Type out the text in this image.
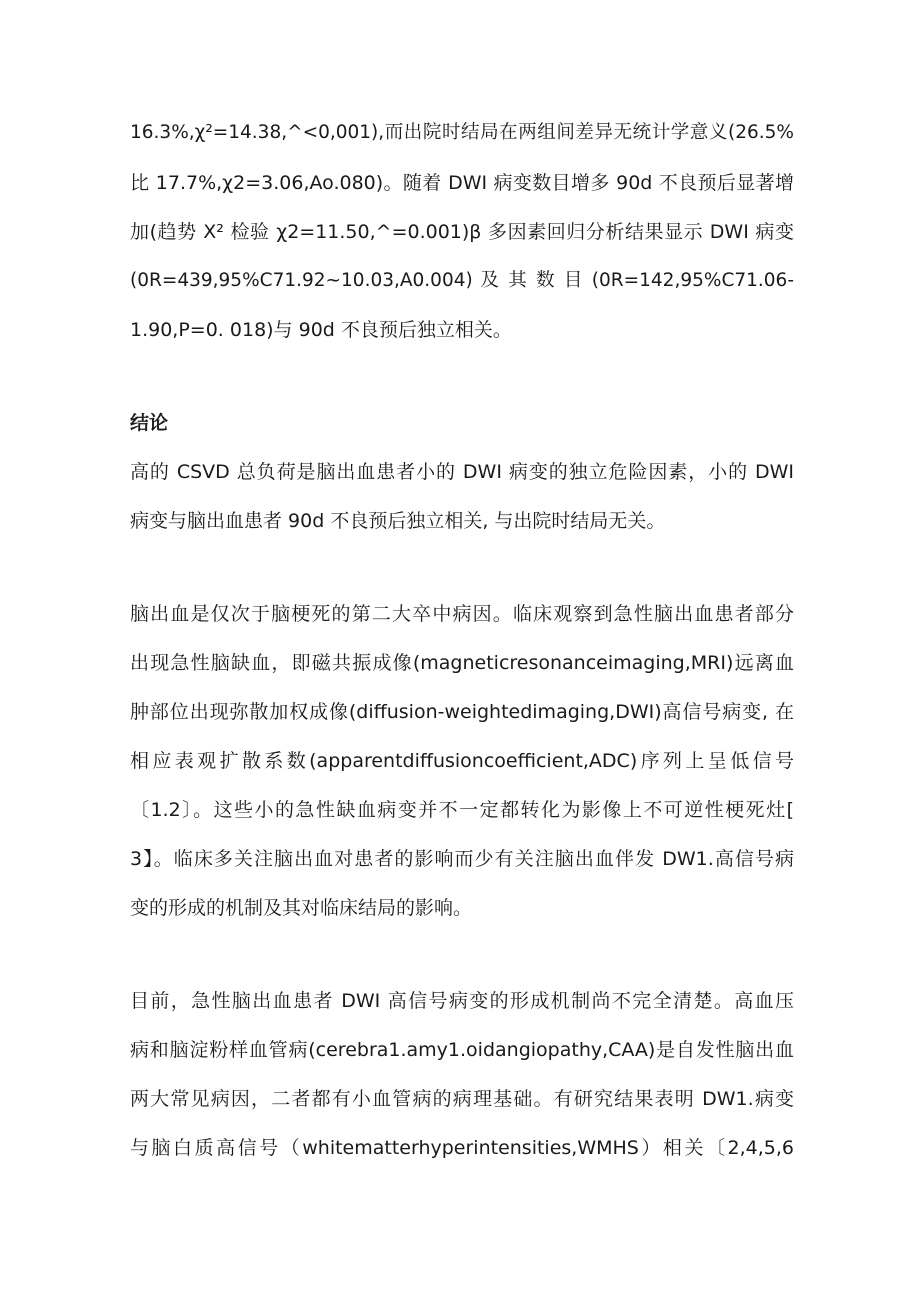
16.3%,χ²=14.38,^<0,001),而出院时结局在两组间差异无统计学意义(26.5%
比 17.7%,χ2=3.06,Ao.080)。随着 DWI 病变数目增多 90d 不良预后显著增
加(趋势 X² 检验 χ2=11.50,^=0.001)β 多因素回归分析结果显示 DWI 病变
(0R=439,95%C71.92~10.03,A0.004) 及 其 数 目 (0R=142,95%C71.06-
1.90,P=0. 018)与 90d 不良预后独立相关。
结论
高的 CSVD 总负荷是脑出血患者小的 DWI 病变的独立危险因素，小的 DWI
病变与脑出血患者 90d 不良预后独立相关, 与出院时结局无关。
脑出血是仅次于脑梗死的第二大卒中病因。临床观察到急性脑出血患者部分
出现急性脑缺血，即磁共振成像(magneticresonanceimaging,MRI)远离血
肿部位出现弥散加权成像(diffusion-weightedimaging,DWI)高信号病变, 在
相应表观扩散系数(apparentdiffusioncoefficient,ADC)序列上呈低信号
〔1.2〕。这些小的急性缺血病变并不一定都转化为影像上不可逆性梗死灶[
3】。临床多关注脑出血对患者的影响而少有关注脑出血伴发 DW1.高信号病
变的形成的机制及其对临床结局的影响。
目前，急性脑出血患者 DWI 高信号病变的形成机制尚不完全清楚。高血压
病和脑淀粉样血管病(cerebra1.amy1.oidangiopathy,CAA)是自发性脑出血
两大常见病因，二者都有小血管病的病理基础。有研究结果表明 DW1.病变
与脑白质高信号（whitematterhyperintensities,WMHS）相关〔2,4,5,6
